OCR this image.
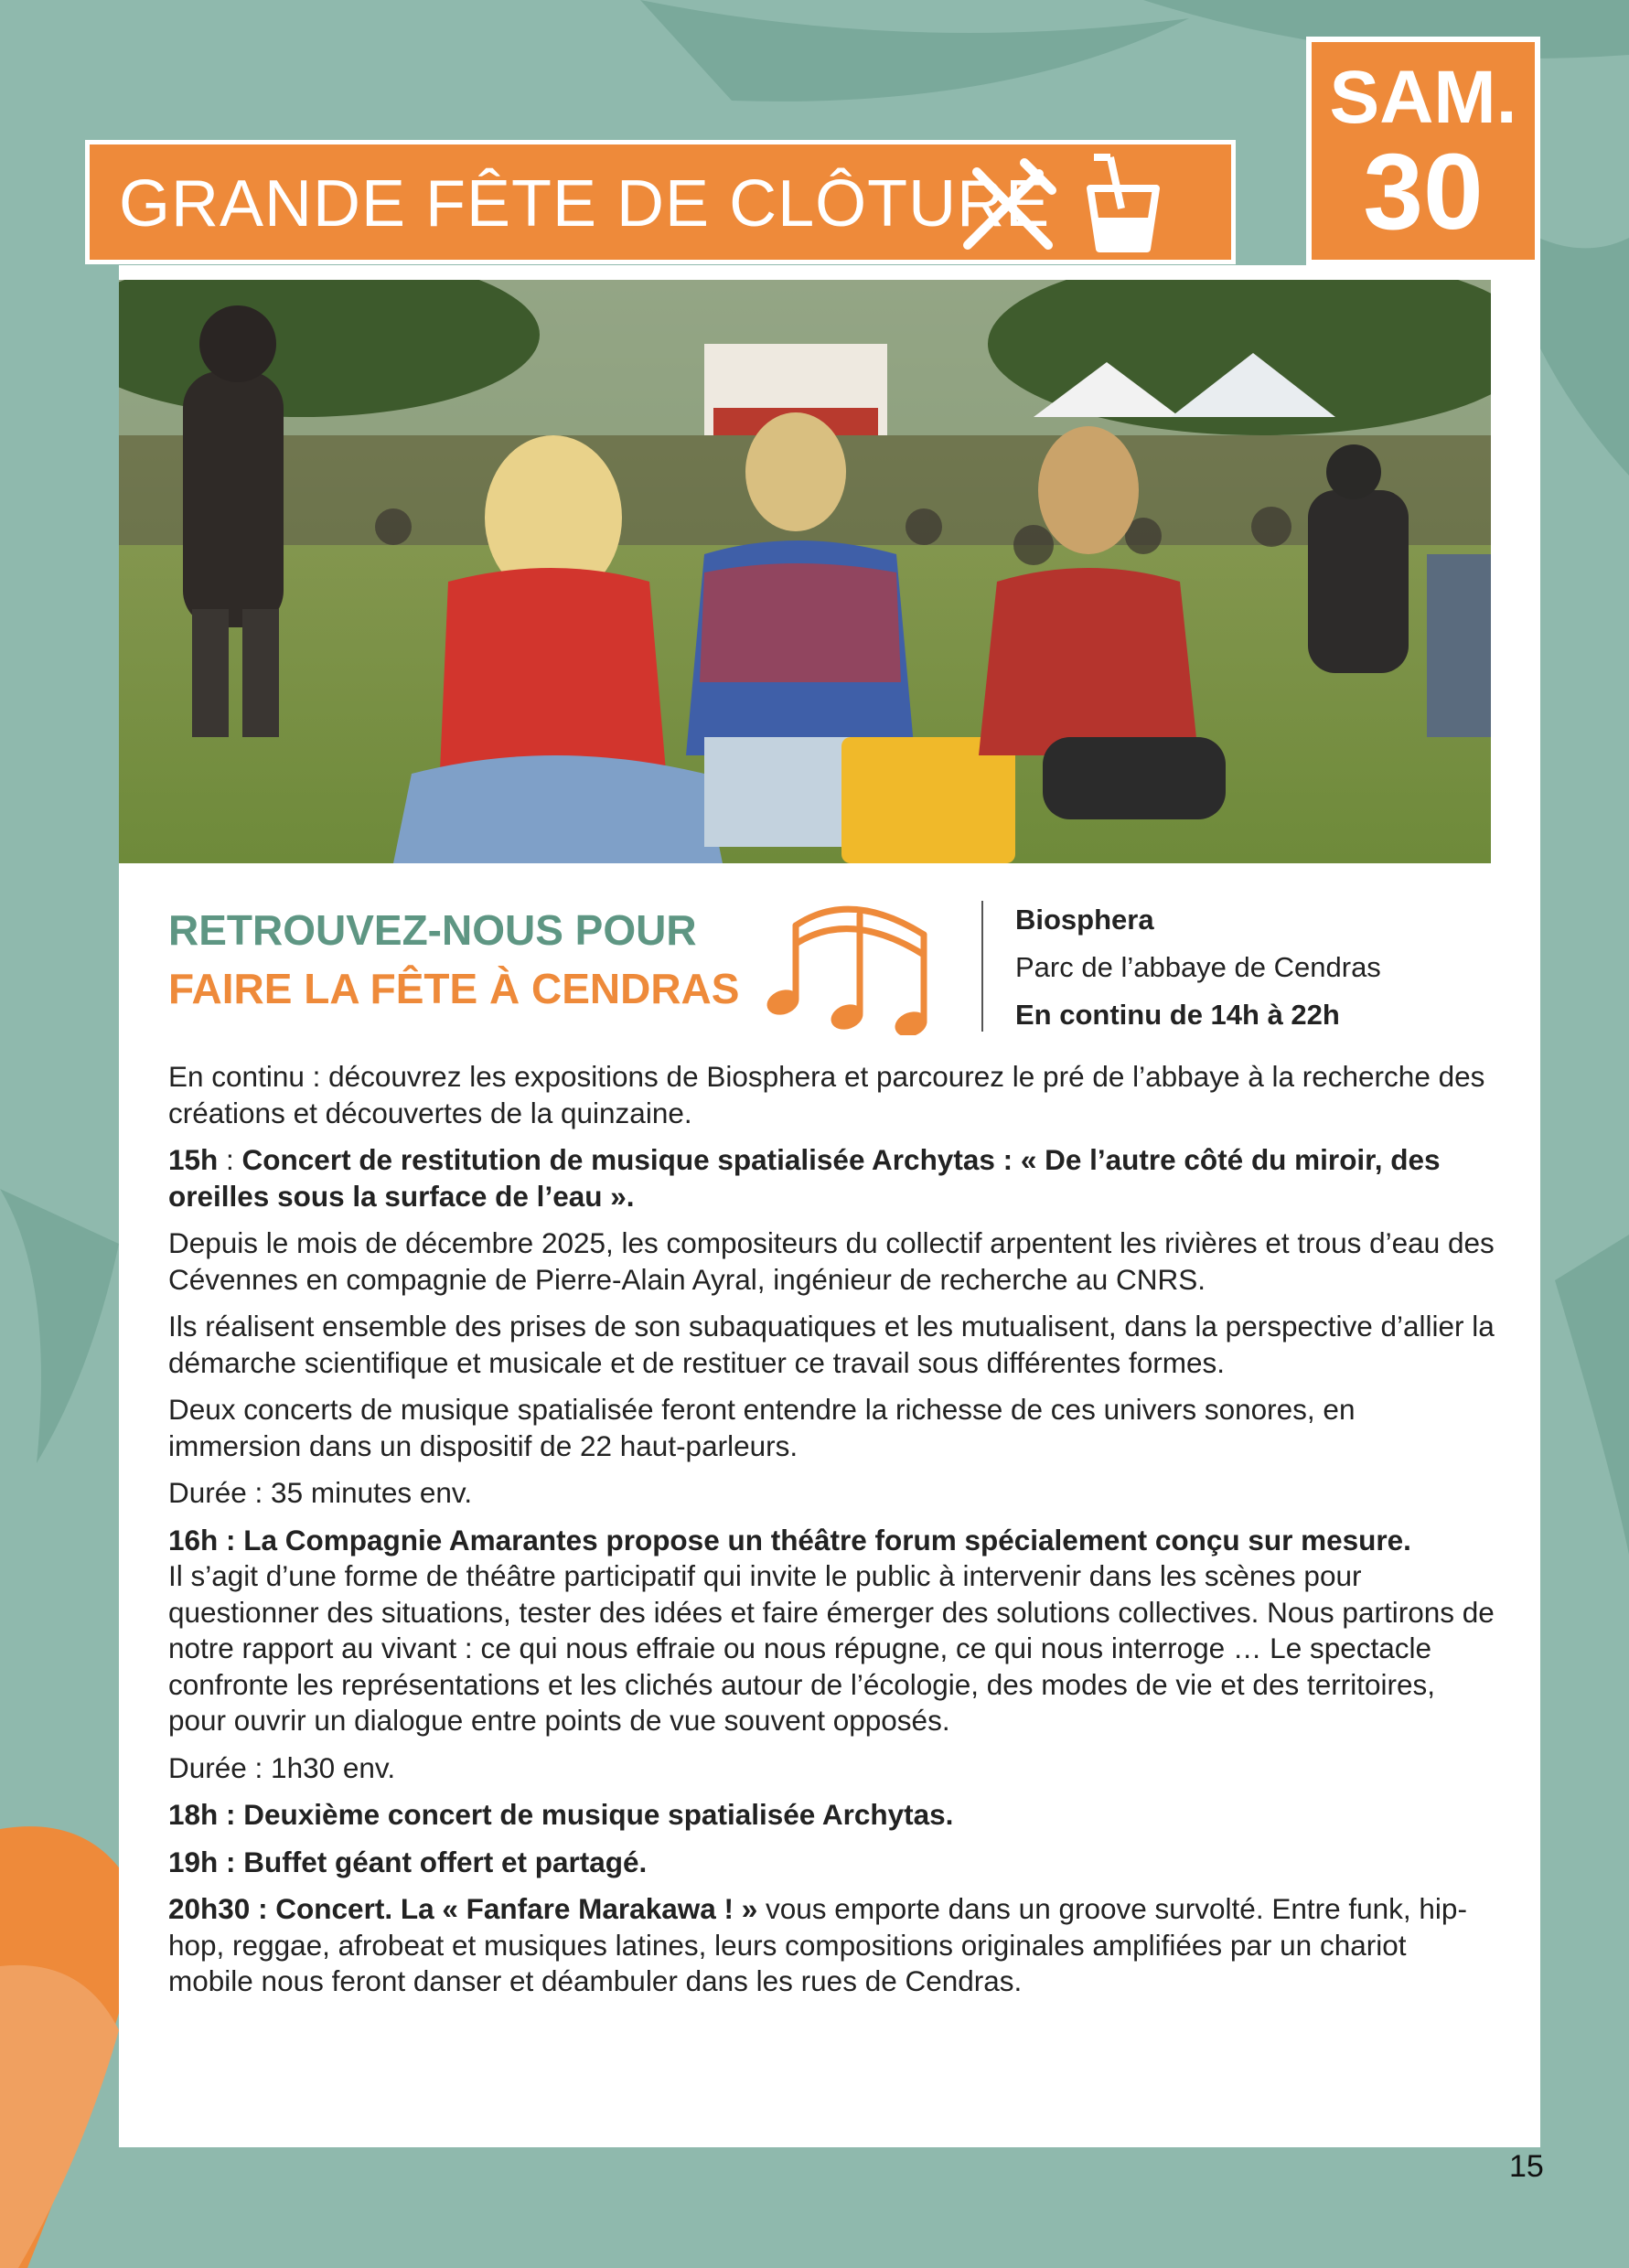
GRANDE FÊTE DE CLÔTURE
SAM.
30
RETROUVEZ-NOUS POUR
FAIRE LA FÊTE À CENDRAS
Biosphera
Parc de l’abbaye de Cendras
En continu de 14h à 22h

En continu : découvrez les expositions de Biosphera et parcourez le pré de l’abbaye à la recherche des créations et découvertes de la quinzaine.

15h : Concert de restitution de musique spatialisée Archytas : « De l’autre côté du miroir, des oreilles sous la surface de l’eau ».

Depuis le mois de décembre 2025, les compositeurs du collectif arpentent les rivières et trous d’eau des Cévennes en compagnie de Pierre-Alain Ayral, ingénieur de recherche au CNRS.

Ils réalisent ensemble des prises de son subaquatiques et les mutualisent, dans la perspective d’allier la démarche scientifique et musicale et de restituer ce travail sous différentes formes.

Deux concerts de musique spatialisée feront entendre la richesse de ces univers sonores, en immersion dans un dispositif de 22 haut-parleurs.

Durée : 35 minutes env.

16h : La Compagnie Amarantes propose un théâtre forum spécialement conçu sur mesure.
Il s’agit d’une forme de théâtre participatif qui invite le public à intervenir dans les scènes pour questionner des situations, tester des idées et faire émerger des solutions collectives. Nous partirons de notre rapport au vivant : ce qui nous effraie ou nous répugne, ce qui nous interroge … Le spectacle confronte les représentations et les clichés autour de l’écologie, des modes de vie et des territoires, pour ouvrir un dialogue entre points de vue souvent opposés.

Durée : 1h30 env.

18h : Deuxième concert de musique spatialisée Archytas.

19h : Buffet géant offert et partagé.

20h30 : Concert. La « Fanfare Marakawa ! » vous emporte dans un groove survolté. Entre funk, hip-hop, reggae, afrobeat et musiques latines, leurs compositions originales amplifiées par un chariot mobile nous feront danser et déambuler dans les rues de Cendras.

15
